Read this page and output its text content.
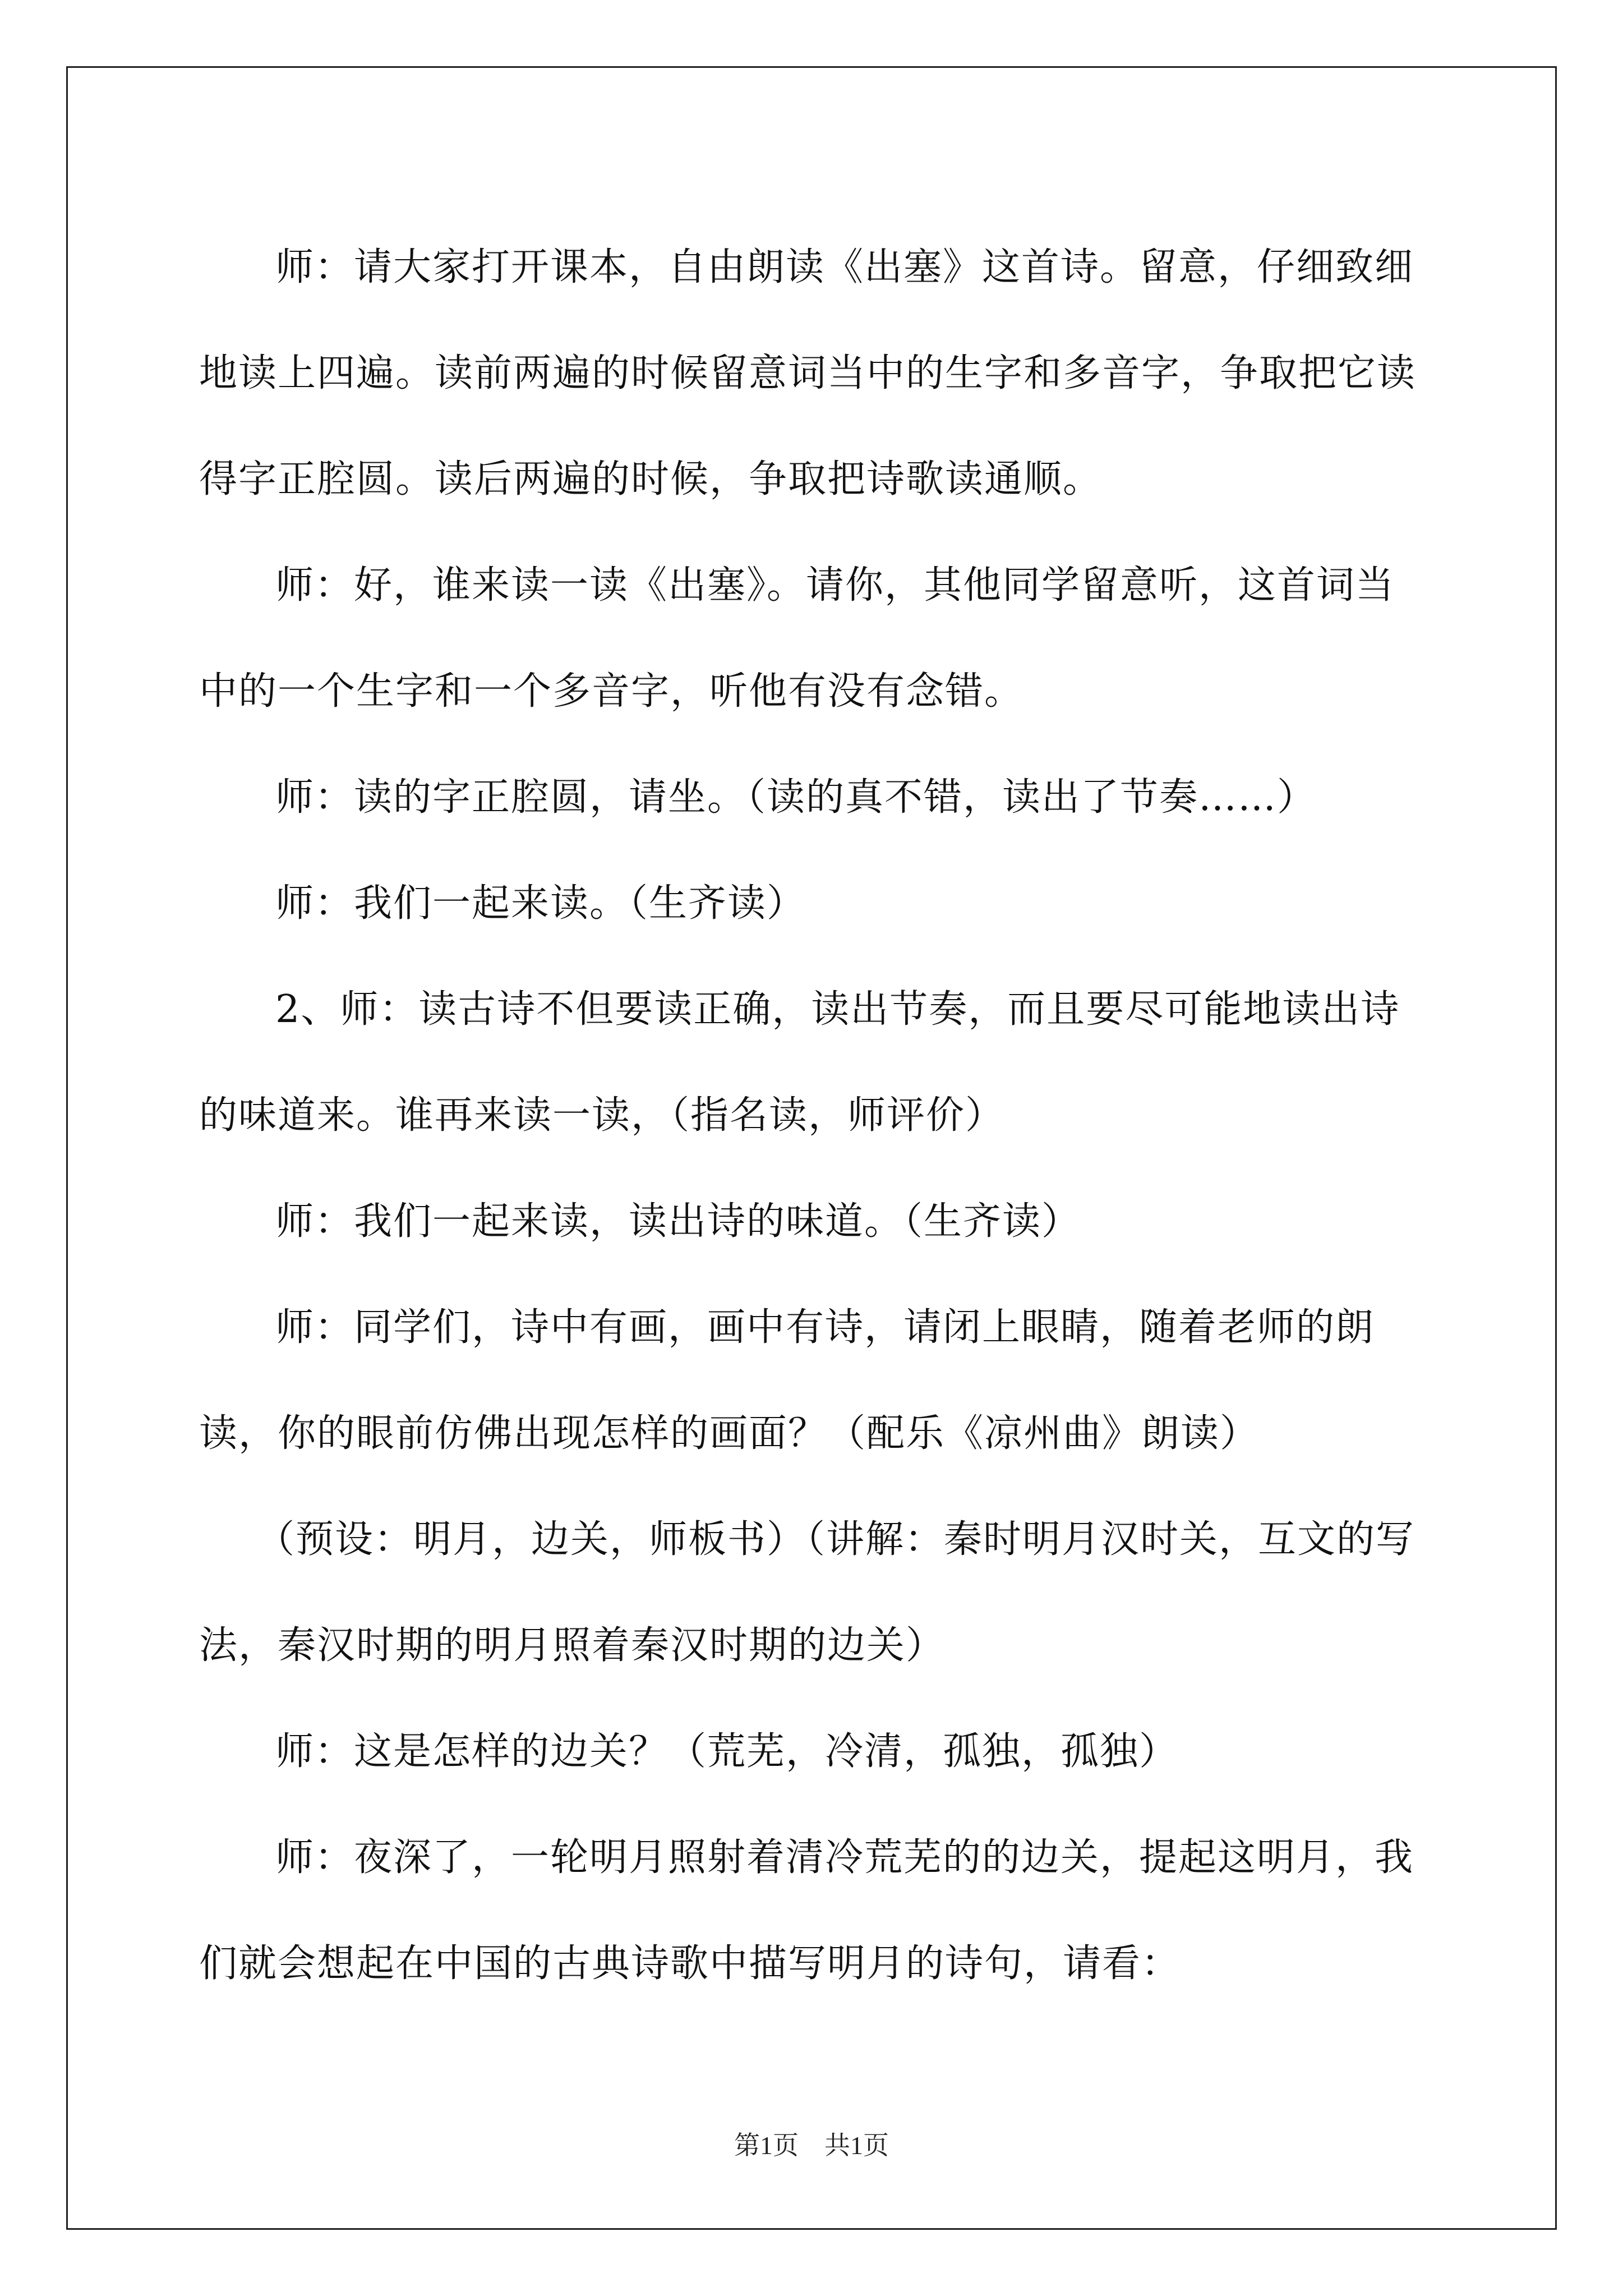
师：请大家打开课本，自由朗读《出塞》这首诗。留意，仔细致细地读上四遍。读前两遍的时候留意词当中的生字和多音字，争取把它读得字正腔圆。读后两遍的时候，争取把诗歌读通顺。

师：好，谁来读一读《出塞》。请你，其他同学留意听，这首词当中的一个生字和一个多音字，听他有没有念错。

师：读的字正腔圆，请坐。（读的真不错，读出了节奏……）

师：我们一起来读。（生齐读）

2、师：读古诗不但要读正确，读出节奏，而且要尽可能地读出诗的味道来。谁再来读一读，（指名读，师评价）

师：我们一起来读，读出诗的味道。（生齐读）

师：同学们，诗中有画，画中有诗，请闭上眼睛，随着老师的朗读，你的眼前仿佛出现怎样的画面？（配乐《凉州曲》朗读）

（预设：明月，边关，师板书）（讲解：秦时明月汉时关，互文的写法，秦汉时期的明月照着秦汉时期的边关）

师：这是怎样的边关？（荒芜，冷清，孤独，孤独）

师：夜深了，一轮明月照射着清冷荒芜的的边关，提起这明月，我们就会想起在中国的古典诗歌中描写明月的诗句，请看：

第1页　共1页
